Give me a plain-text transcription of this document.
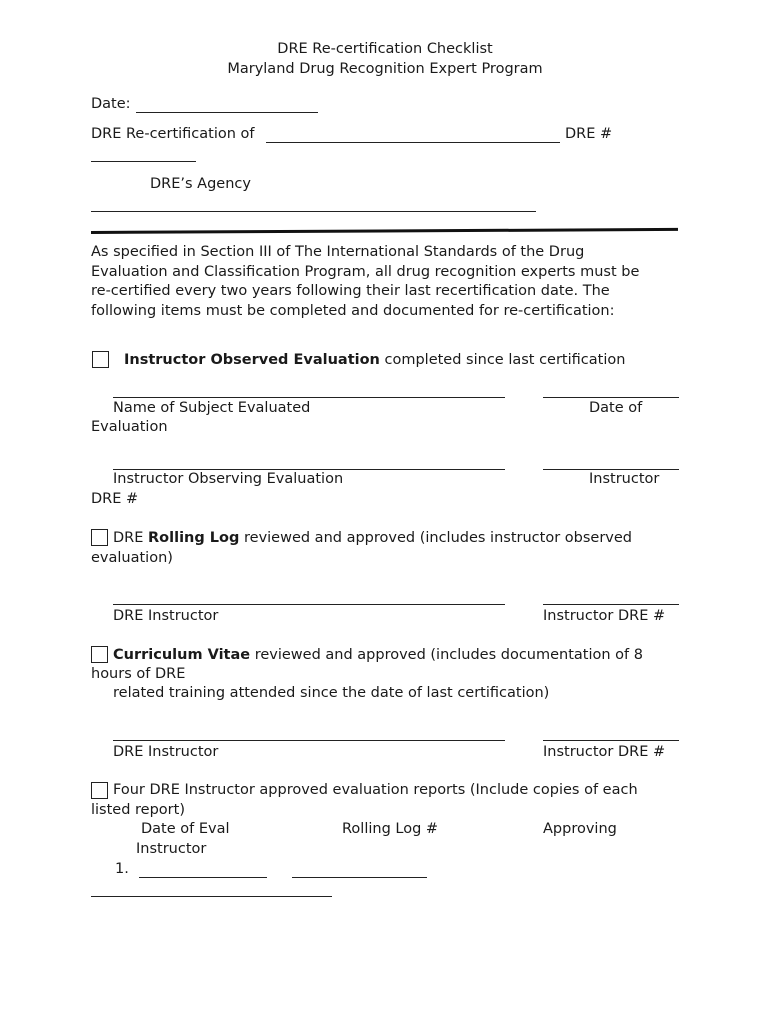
DRE Re-certification Checklist
Maryland Drug Recognition Expert Program
Date:
DRE Re-certification of	DRE #
DRE’s Agency
As specified in Section III of The International Standards of the Drug
Evaluation and Classification Program, all drug recognition experts must be
re-certified every two years following their last recertification date. The
following items must be completed and documented for re-certification:
Instructor Observed Evaluation completed since last certification
Name of Subject Evaluated	Date of
Evaluation
Instructor Observing Evaluation	Instructor
DRE #
DRE Rolling Log reviewed and approved (includes instructor observed
evaluation)
DRE Instructor	Instructor DRE #
Curriculum Vitae reviewed and approved (includes documentation of 8
hours of DRE
related training attended since the date of last certification)
DRE Instructor	Instructor DRE #
Four DRE Instructor approved evaluation reports (Include copies of each
listed report)
Date of Eval	Rolling Log #	Approving
Instructor
1.
